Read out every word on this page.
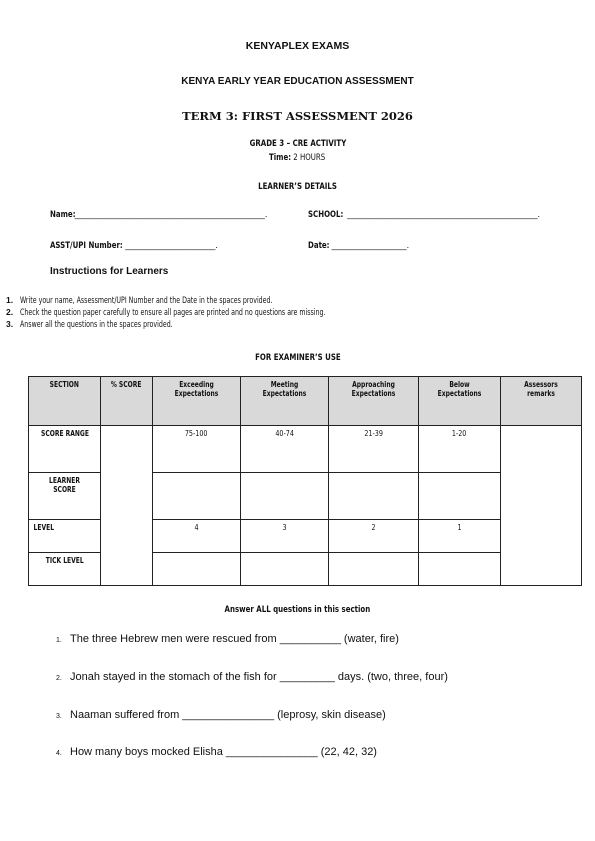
KENYAPLEX EXAMS
KENYA EARLY YEAR EDUCATION ASSESSMENT
TERM 3: FIRST ASSESSMENT 2026
GRADE 3 – CRE ACTIVITY
Time: 2 HOURS
LEARNER’S DETAILS
Name:______________________________________.	SCHOOL: ______________________________________.
ASST/UPI Number: __________________.	Date: _______________.
Instructions for Learners
1. Write your name, Assessment/UPI Number and the Date in the spaces provided.
2. Check the question paper carefully to ensure all pages are printed and no questions are missing.
3. Answer all the questions in the spaces provided.
FOR EXAMINER’S USE
SECTION	% SCORE	Exceeding Expectations	Meeting Expectations	Approaching Expectations	Below Expectations	Assessors remarks
SCORE RANGE		75-100	40-74	21-39	1-20	
LEARNER SCORE						
LEVEL		4	3	2	1	
TICK LEVEL						
Answer ALL questions in this section
1. The three Hebrew men were rescued from __________ (water, fire)
2. Jonah stayed in the stomach of the fish for _________ days. (two, three, four)
3. Naaman suffered from _______________ (leprosy, skin disease)
4. How many boys mocked Elisha _______________ (22, 42, 32)
